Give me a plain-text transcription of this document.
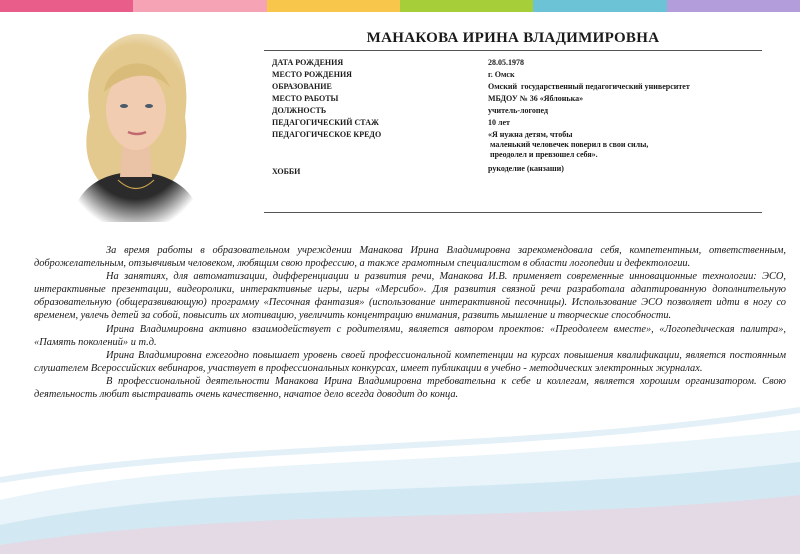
МАНАКОВА ИРИНА ВЛАДИМИРОВНА
ДАТА РОЖДЕНИЯ	28.05.1978
МЕСТО РОЖДЕНИЯ	г. Омск
ОБРАЗОВАНИЕ	Омский  государственный педагогический университет
МЕСТО РАБОТЫ	МБДОУ № 36 «Яблонька»
ДОЛЖНОСТЬ	учитель-логопед
ПЕДАГОГИЧЕСКИЙ СТАЖ	10 лет
ПЕДАГОГИЧЕСКОЕ КРЕДО	«Я нужна детям, чтобы
маленький человечек поверил в свои силы,
преодолел и превзошел себя».
ХОББИ	рукоделие (канзаши)

За время работы в образовательном учреждении Манакова Ирина Владимировна зарекомендовала себя, компетентным, ответственным, доброжелательным, отзывчивым человеком, любящим свою профессию, а также грамотным специалистом в области логопедии и дефектологии.

На занятиях, для автоматизации, дифференциации и развития речи, Манакова И.В. применяет современные инновационные технологии: ЭСО, интерактивные презентации, видеоролики, интерактивные игры, игры «Мерсибо». Для развития связной речи разработала адаптированную дополнительную образовательную (общеразвивающую) программу «Песочная фантазия» (использование интерактивной песочницы). Использование ЭСО позволяет идти в ногу со временем, увлечь детей за собой, повысить их мотивацию, увеличить концентрацию внимания, развить мышление и творческие способности.

Ирина Владимировна активно взаимодействует с родителями, является автором проектов: «Преодолеем вместе», «Логопедическая палитра», «Память поколений» и т.д.

Ирина Владимировна ежегодно повышает уровень своей профессиональной компетенции на курсах повышения квалификации, является постоянным слушателем Всероссийских вебинаров, участвует в профессиональных конкурсах, имеет публикации в учебно - методических электронных журналах.

В профессиональной деятельности Манакова Ирина Владимировна требовательна к себе и коллегам, является хорошим организатором. Свою деятельность любит выстраивать очень качественно, начатое дело всегда доводит до конца.
